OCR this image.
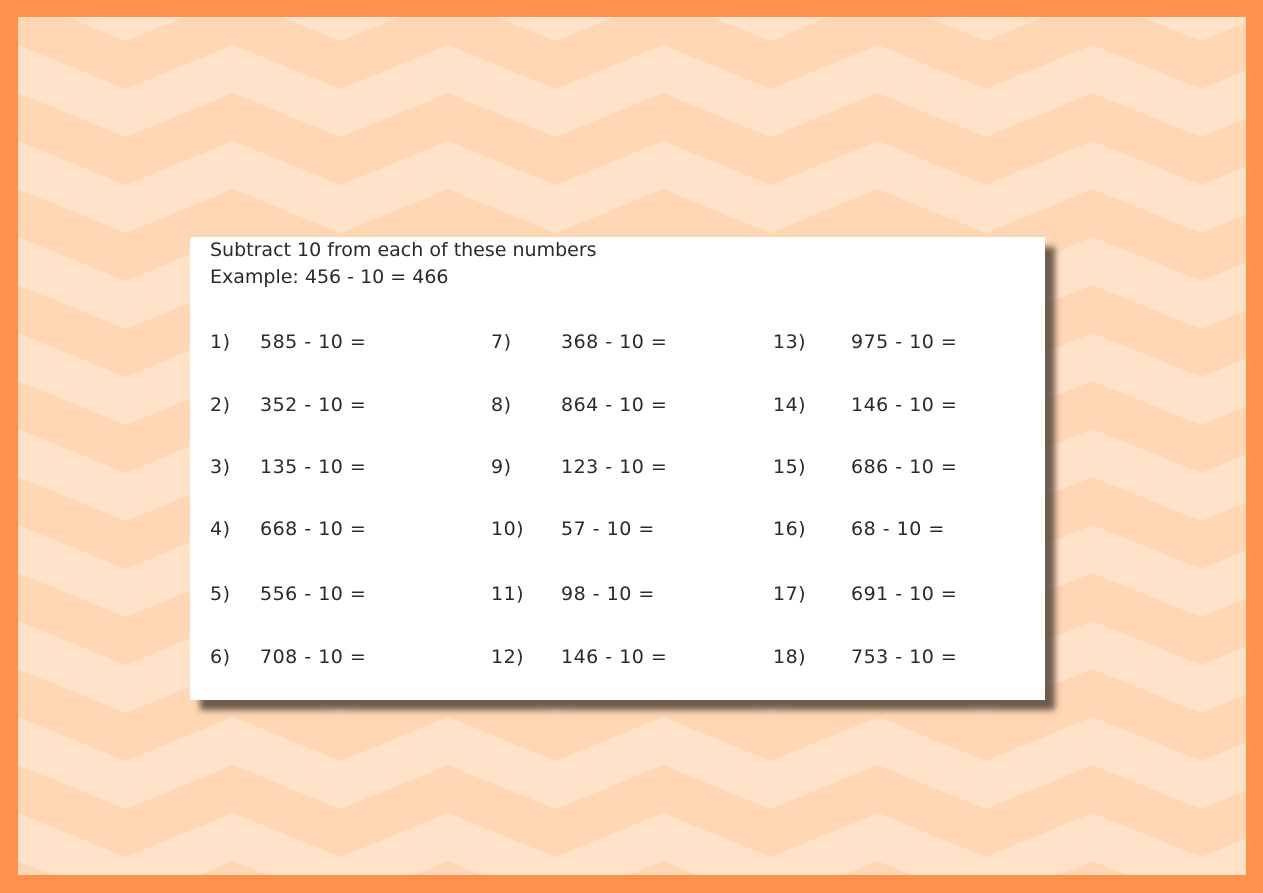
Subtract 10 from each of these numbers
Example: 456 - 10 = 466
1) 585 - 10 =
2) 352 - 10 =
3) 135 - 10 =
4) 668 - 10 =
5) 556 - 10 =
6) 708 - 10 =
7)	368 - 10 =
8)	864 - 10 =
9)	123 - 10 =
10) 57 - 10 =
11) 98 - 10 =
12) 146 - 10 =
13) 975 - 10 =
14) 146 - 10 =
15) 686 - 10 =
16) 68 - 10 =
17) 691 - 10 =
18) 753 - 10 =
